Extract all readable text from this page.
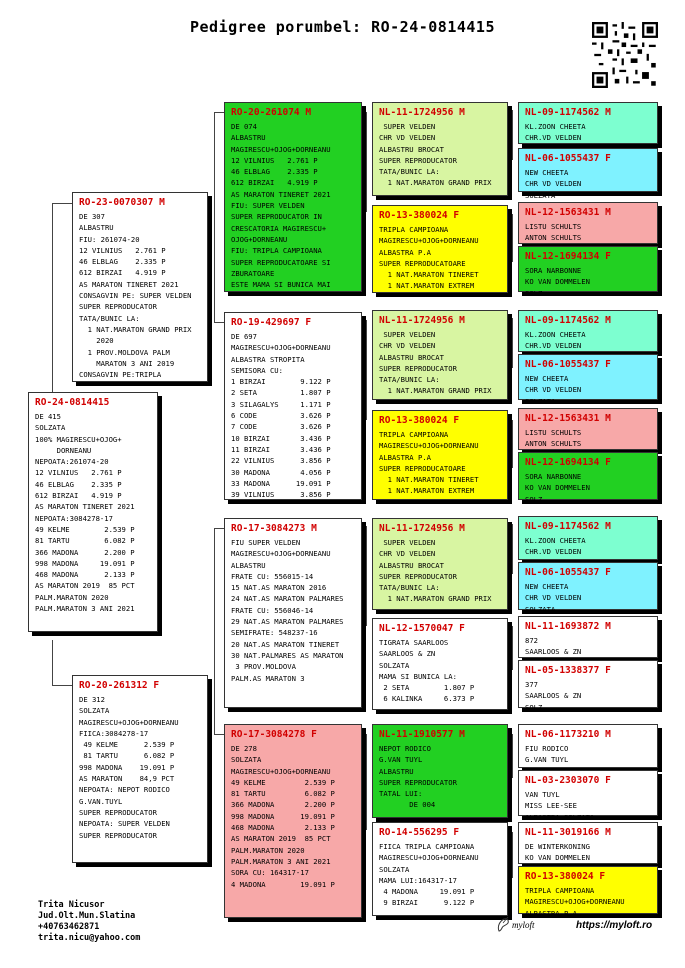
Pedigree porumbel: RO-24-0814415
RO-24-0814415
DE 415
SOLZATA
100% MAGIRESCU+OJOG+
DORNEANU
NEPOATA:261074-20
12 VILNIUS   2.761 P
46 ELBLAG    2.335 P
612 BIRZAI   4.919 P
AS MARATON TINERET 2021
NEPOATA:3084278-17
49 KELME        2.539 P
81 TARTU        6.082 P
366 MADONA      2.200 P
998 MADONA     19.091 P
468 MADONA      2.133 P
AS MARATON 2019  85 PCT
PALM.MARATON 2020
PALM.MARATON 3 ANI 2021
RO-23-0070307 M
DE 307
ALBASTRU
FIU: 261074-20
12 VILNIUS   2.761 P
46 ELBLAG    2.335 P
612 BIRZAI   4.919 P
AS MARATON TINERET 2021
CONSAGVIN PE: SUPER VELDEN
SUPER REPRODUCATOR
TATA/BUNIC LA:
1 NAT.MARATON GRAND PRIX
2020
1 PROV.MOLDOVA PALM
MARATON 3 ANI 2019
CONSAGVIN PE:TRIPLA
RO-20-261312 F
DE 312
SOLZATA
MAGIRESCU+OJOG+DORNEANU
FIICA:3084278-17
49 KELME      2.539 P
81 TARTU      6.082 P
998 MADONA    19.091 P
AS MARATON    84,9 PCT
NEPOATA: NEPOT RODICO
G.VAN.TUYL
SUPER REPRODUCATOR
NEPOATA: SUPER VELDEN
SUPER REPRODUCATOR
RO-20-261074 M
DE 074
ALBASTRU
MAGIRESCU+OJOG+DORNEANU
12 VILNIUS   2.761 P
46 ELBLAG    2.335 P
612 BIRZAI   4.919 P
AS MARATON TINERET 2021
FIU: SUPER VELDEN
SUPER REPRODUCATOR IN
CRESCATORIA MAGIRESCU+
OJOG+DORNEANU
FIU: TRIPLA CAMPIOANA
SUPER REPRODUCATOARE SI
ZBURATOARE
ESTE MAMA SI BUNICA MAI
RO-19-429697 F
DE 697
MAGIRESCU+OJOG+DORNEANU
ALBASTRA STROPITA
SEMISORA CU:
1 BIRZAI        9.122 P
2 SETA          1.807 P
3 SILAGALYS     1.171 P
6 CODE          3.626 P
7 CODE          3.626 P
10 BIRZAI       3.436 P
11 BIRZAI       3.436 P
22 VILNIUS      3.856 P
30 MADONA       4.056 P
33 MADONA      19.091 P
39 VILNIUS      3.856 P
RO-17-3084273 M
FIU SUPER VELDEN
MAGIRESCU+OJOG+DORNEANU
ALBASTRU
FRATE CU: 556015-14
15 NAT.AS MARATON 2016
24 NAT.AS MARATON PALMARES
FRATE CU: 556046-14
29 NAT.AS MARATON PALMARES
SEMIFRATE: 548237-16
20 NAT.AS MARATON TINERET
30 NAT.PALMARES AS MARATON
3 PROV.MOLDOVA
PALM.AS MARATON 3
RO-17-3084278 F
DE 278
SOLZATA
MAGIRESCU+OJOG+DORNEANU
49 KELME         2.539 P
81 TARTU         6.082 P
366 MADONA       2.200 P
998 MADONA      19.091 P
468 MADONA       2.133 P
AS MARATON 2019  85 PCT
PALM.MARATON 2020
PALM.MARATON 3 ANI 2021
SORA CU: 164317-17
4 MADONA        19.091 P
NL-11-1724956 M
SUPER VELDEN
CHR VD VELDEN
ALBASTRU BROCAT
SUPER REPRODUCATOR
TATA/BUNIC LA:
1 NAT.MARATON GRAND PRIX
RO-13-380024 F
TRIPLA CAMPIOANA
MAGIRESCU+OJOG+DORNEANU
ALBASTRA P.A
SUPER REPRODUCATOARE
1 NAT.MARATON TINERET
1 NAT.MARATON EXTREM
NL-11-1724956 M
SUPER VELDEN
CHR VD VELDEN
ALBASTRU BROCAT
SUPER REPRODUCATOR
TATA/BUNIC LA:
1 NAT.MARATON GRAND PRIX
RO-13-380024 F
TRIPLA CAMPIOANA
MAGIRESCU+OJOG+DORNEANU
ALBASTRA P.A
SUPER REPRODUCATOARE
1 NAT.MARATON TINERET
1 NAT.MARATON EXTREM
NL-11-1724956 M
SUPER VELDEN
CHR VD VELDEN
ALBASTRU BROCAT
SUPER REPRODUCATOR
TATA/BUNIC LA:
1 NAT.MARATON GRAND PRIX
NL-12-1570047 F
TIGRATA SAARLOOS
SAARLOOS & ZN
SOLZATA
MAMA SI BUNICA LA:
2 SETA        1.807 P
6 KALINKA     6.373 P
NL-11-1910577 M
NEPOT RODICO
G.VAN TUYL
ALBASTRU
SUPER REPRODUCATOR
TATAL LUI:
DE 004
RO-14-556295 F
FIICA TRIPLA CAMPIOANA
MAGIRESCU+OJOG+DORNEANU
SOLZATA
MAMA LUI:164317-17
4 MADONA     19.091 P
9 BIRZAI      9.122 P
NL-09-1174562 M
KL.ZOON CHEETA
CHR.VD VELDEN
NL-06-1055437 F
NEW CHEETA
CHR VD VELDEN
SOLZATA
NL-12-1563431 M
LISTU SCHULTS
ANTON SCHULTS
NL-12-1694134 F
SORA NARBONNE
KO VAN DOMMELEN
SOLZ
NL-09-1174562 M
KL.ZOON CHEETA
CHR.VD VELDEN
NL-06-1055437 F
NEW CHEETA
CHR VD VELDEN
SOLZATA
NL-12-1563431 M
LISTU SCHULTS
ANTON SCHULTS
NL-12-1694134 F
SORA NARBONNE
KO VAN DOMMELEN
SOLZ
NL-09-1174562 M
KL.ZOON CHEETA
CHR.VD VELDEN
NL-06-1055437 F
NEW CHEETA
CHR VD VELDEN
SOLZATA
NL-11-1693872 M
872
SAARLOOS & ZN
NL-05-1338377 F
377
SAARLOOS & ZN
SOLZ
NL-06-1173210 M
FIU RODICO
G.VAN TUYL
NL-03-2303070 F
VAN TUYL
MISS LEE-SEE
ALBASTRA SOLZATA
NL-11-3019166 M
DE WINTERKONING
KO VAN DOMMELEN
RO-13-380024 F
TRIPLA CAMPIOANA
MAGIRESCU+OJOG+DORNEANU
ALBASTRA P.A
Trita Nicusor
Jud.Olt.Mun.Slatina
+40763462871
trita.nicu@yahoo.com
myloft	https://myloft.ro
